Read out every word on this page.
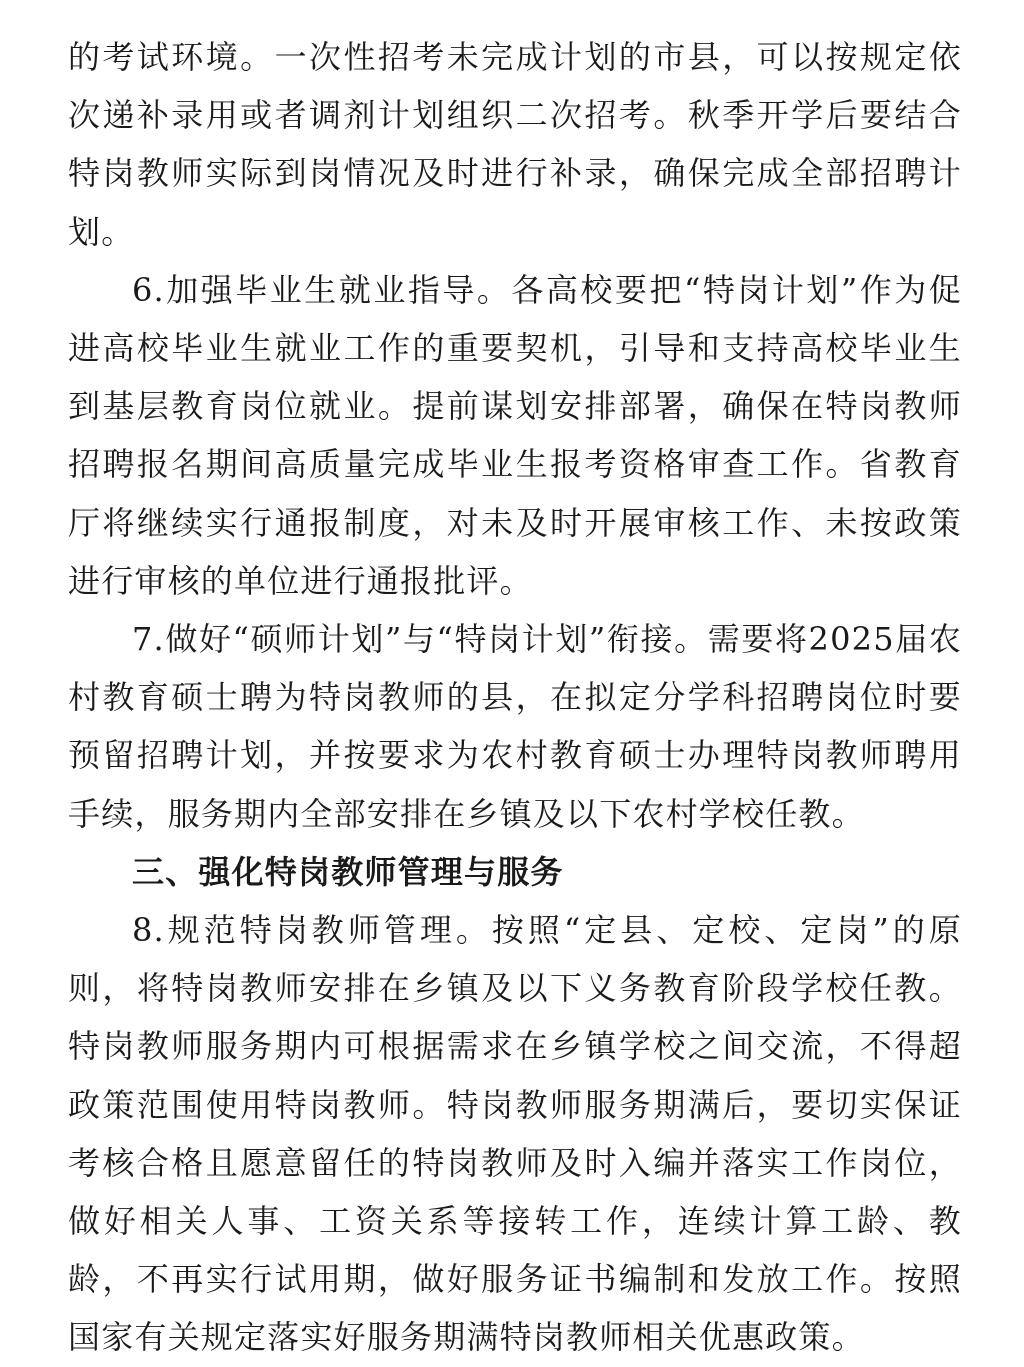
的考试环境。一次性招考未完成计划的市县，可以按规定依次递补录用或者调剂计划组织二次招考。秋季开学后要结合特岗教师实际到岗情况及时进行补录，确保完成全部招聘计划。

6.加强毕业生就业指导。各高校要把“特岗计划”作为促进高校毕业生就业工作的重要契机，引导和支持高校毕业生到基层教育岗位就业。提前谋划安排部署，确保在特岗教师招聘报名期间高质量完成毕业生报考资格审查工作。省教育厅将继续实行通报制度，对未及时开展审核工作、未按政策进行审核的单位进行通报批评。

7.做好“硕师计划”与“特岗计划”衔接。需要将2025届农村教育硕士聘为特岗教师的县，在拟定分学科招聘岗位时要预留招聘计划，并按要求为农村教育硕士办理特岗教师聘用手续，服务期内全部安排在乡镇及以下农村学校任教。

三、强化特岗教师管理与服务

8.规范特岗教师管理。按照“定县、定校、定岗”的原则，将特岗教师安排在乡镇及以下义务教育阶段学校任教。特岗教师服务期内可根据需求在乡镇学校之间交流，不得超政策范围使用特岗教师。特岗教师服务期满后，要切实保证考核合格且愿意留任的特岗教师及时入编并落实工作岗位，做好相关人事、工资关系等接转工作，连续计算工龄、教龄，不再实行试用期，做好服务证书编制和发放工作。按照国家有关规定落实好服务期满特岗教师相关优惠政策。
